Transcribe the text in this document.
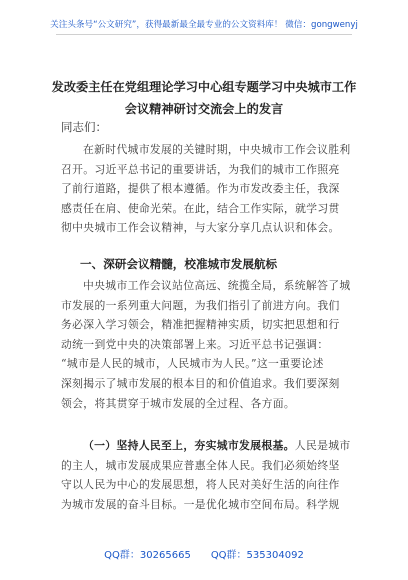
关注头条号“公文研究”，获得最新最全最专业的公文资料库！ 微信：gongwenyj
发改委主任在党组理论学习中心组专题学习中央城市工作
会议精神研讨交流会上的发言
同志们：
在新时代城市发展的关键时期，中央城市工作会议胜利
召开。习近平总书记的重要讲话，为我们的城市工作照亮
了前行道路，提供了根本遵循。作为市发改委主任，我深
感责任在肩、使命光荣。在此，结合工作实际，就学习贯
彻中央城市工作会议精神，与大家分享几点认识和体会。
一、深研会议精髓，校准城市发展航标
中央城市工作会议站位高远、统揽全局，系统解答了城
市发展的一系列重大问题，为我们指引了前进方向。我们
务必深入学习领会，精准把握精神实质，切实把思想和行
动统一到党中央的决策部署上来。习近平总书记强调：
“城市是人民的城市，人民城市为人民。”这一重要论述
深刻揭示了城市发展的根本目的和价值追求。我们要深刻
领会，将其贯穿于城市发展的全过程、各方面。
（一）坚持人民至上，夯实城市发展根基。人民是城市
的主人，城市发展成果应普惠全体人民。我们必须始终坚
守以人民为中心的发展思想，将人民对美好生活的向往作
为城市发展的奋斗目标。一是优化城市空间布局。科学规
QQ群：30265665 QQ群：535304092
